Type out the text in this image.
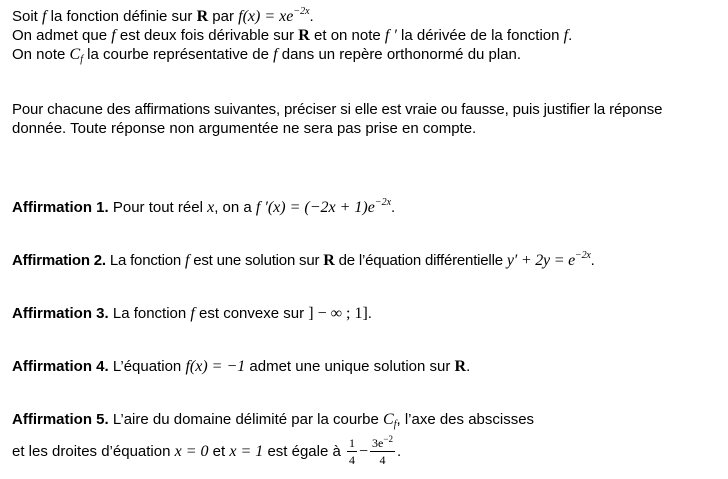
Soit f la fonction définie sur R par $f(x) = xe^{-2x}$.
On admet que f est deux fois dérivable sur R et on note f ′ la dérivée de la fonction f.
On note $C_f$ la courbe représentative de f dans un repère orthonormé du plan.
Pour chacune des affirmations suivantes, préciser si elle est vraie ou fausse, puis justifier la réponse
donnée. Toute réponse non argumentée ne sera pas prise en compte.
Affirmation 1. Pour tout réel x, on a f $'(x) = (-2x + 1)e^{-2x}$.
Affirmation 2. La fonction f est une solution sur R de l’équation différentielle $y' + 2y = e^{-2x}$.
Affirmation 3. La fonction f est convexe sur ] − ∞ ; 1].
Affirmation 4. L’équation f(x) = −1 admet une unique solution sur R.
Affirmation 5. L’aire du domaine délimité par la courbe $C_f$, l’axe des abscisses
et les droites d’équation x = 0 et x = 1 est égale à $\frac{1}{4} - \frac{3e^{-2}}{4}$ .
